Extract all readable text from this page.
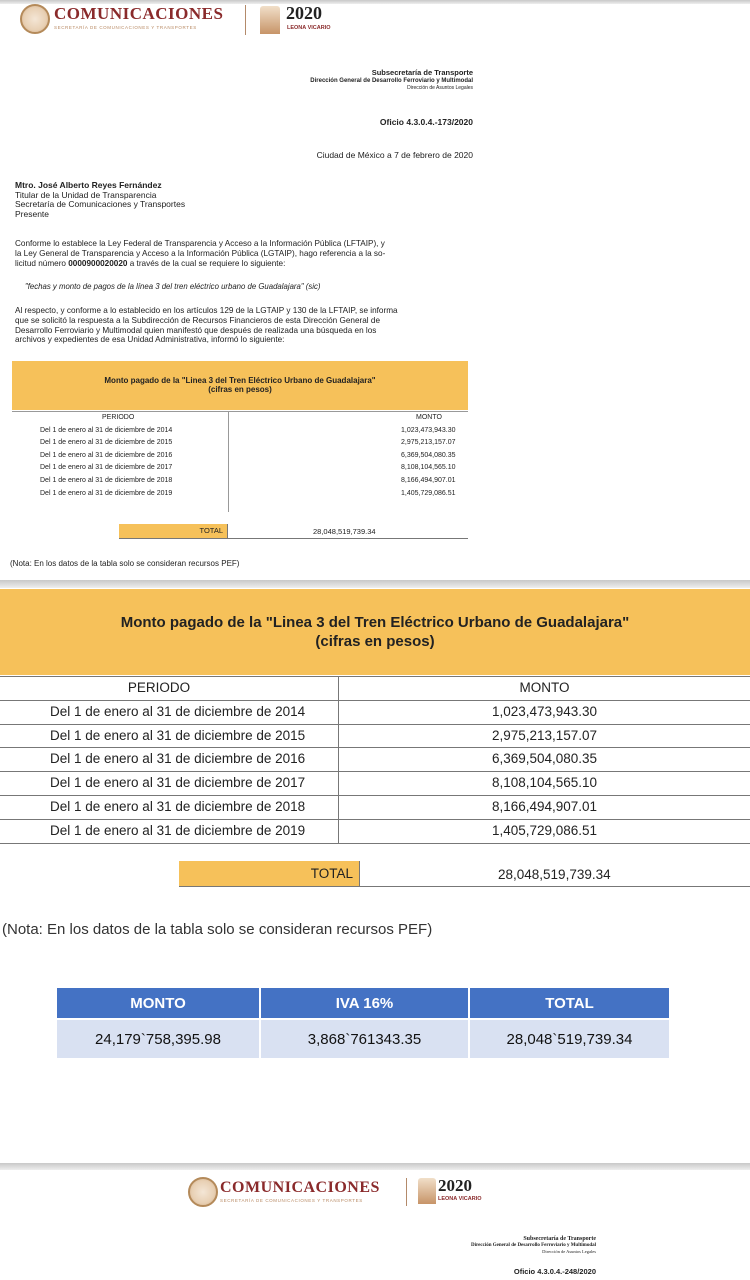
COMUNICACIONES
SECRETARÍA DE COMUNICACIONES Y TRANSPORTES
2020
LEONA VICARIO
Subsecretaría de Transporte
Dirección General de Desarrollo Ferroviario y Multimodal
Dirección de Asuntos Legales
Oficio 4.3.0.4.-173/2020
Ciudad de México a 7 de febrero de 2020
Mtro. José Alberto Reyes Fernández
Titular de la Unidad de Transparencia
Secretaría de Comunicaciones y Transportes
Presente
Conforme lo establece la Ley Federal de Transparencia y Acceso a la Información Pública (LFTAIP), y
la Ley General de Transparencia y Acceso a la Información Pública (LGTAIP), hago referencia a la so-
licitud número 0000900020020 a través de la cual se requiere lo siguiente:
"fechas y monto de pagos de la línea 3 del tren eléctrico urbano de Guadalajara" (sic)
Al respecto, y conforme a lo establecido en los artículos 129 de la LGTAIP y 130 de la LFTAIP, se informa
que se solicitó la respuesta a la Subdirección de Recursos Financieros de esta Dirección General de
Desarrollo Ferroviario y Multimodal quien manifestó que después de realizada una búsqueda en los
archivos y expedientes de esa Unidad Administrativa, informó lo siguiente:
Monto pagado de la "Linea 3 del Tren Eléctrico Urbano de Guadalajara"
(cifras en pesos)
PERIODO	MONTO
Del 1 de enero al 31 de diciembre de 2014	1,023,473,943.30
Del 1 de enero al 31 de diciembre de 2015	2,975,213,157.07
Del 1 de enero al 31 de diciembre de 2016	6,369,504,080.35
Del 1 de enero al 31 de diciembre de 2017	8,108,104,565.10
Del 1 de enero al 31 de diciembre de 2018	8,166,494,907.01
Del 1 de enero al 31 de diciembre de 2019	1,405,729,086.51
TOTAL	28,048,519,739.34
(Nota: En los datos de la tabla solo se consideran recursos PEF)
Monto pagado de la "Linea 3 del Tren Eléctrico Urbano de Guadalajara"
(cifras en pesos)
PERIODO	MONTO
Del 1 de enero al 31 de diciembre de 2014	1,023,473,943.30
Del 1 de enero al 31 de diciembre de 2015	2,975,213,157.07
Del 1 de enero al 31 de diciembre de 2016	6,369,504,080.35
Del 1 de enero al 31 de diciembre de 2017	8,108,104,565.10
Del 1 de enero al 31 de diciembre de 2018	8,166,494,907.01
Del 1 de enero al 31 de diciembre de 2019	1,405,729,086.51
TOTAL	28,048,519,739.34
(Nota: En los datos de la tabla solo se consideran recursos PEF)
MONTO	IVA 16%	TOTAL
24,179`758,395.98	3,868`761343.35	28,048`519,739.34
COMUNICACIONES
SECRETARÍA DE COMUNICACIONES Y TRANSPORTES
2020
LEONA VICARIO
Subsecretaría de Transporte
Dirección General de Desarrollo Ferroviario y Multimodal
Dirección de Asuntos Legales
Oficio 4.3.0.4.-248/2020
